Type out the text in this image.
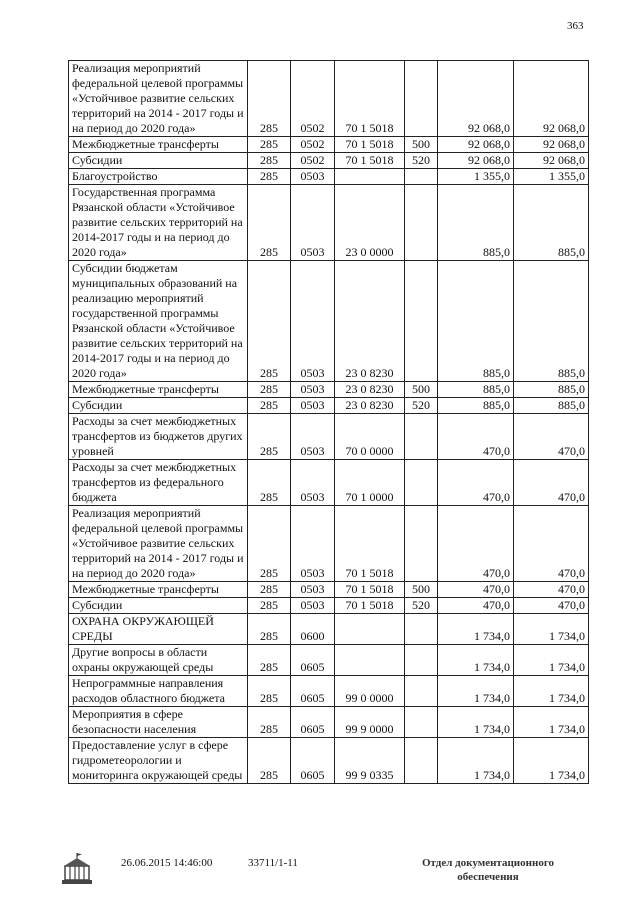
363
Реализация мероприятий федеральной целевой программы «Устойчивое развитие сельских территорий на 2014 - 2017 годы и на период до 2020 года»	285	0502	70 1 5018		92 068,0	92 068,0
Межбюджетные трансферты	285	0502	70 1 5018	500	92 068,0	92 068,0
Субсидии	285	0502	70 1 5018	520	92 068,0	92 068,0
Благоустройство	285	0503			1 355,0	1 355,0
Государственная программа Рязанской области «Устойчивое развитие сельских территорий на 2014-2017 годы и на период до 2020 года»	285	0503	23 0 0000		885,0	885,0
Субсидии бюджетам муниципальных образований на реализацию мероприятий государственной программы Рязанской области «Устойчивое развитие сельских территорий на 2014-2017 годы и на период до 2020 года»	285	0503	23 0 8230		885,0	885,0
Межбюджетные трансферты	285	0503	23 0 8230	500	885,0	885,0
Субсидии	285	0503	23 0 8230	520	885,0	885,0
Расходы за счет межбюджетных трансфертов из бюджетов других уровней	285	0503	70 0 0000		470,0	470,0
Расходы за счет межбюджетных трансфертов из федерального бюджета	285	0503	70 1 0000		470,0	470,0
Реализация мероприятий федеральной целевой программы «Устойчивое развитие сельских территорий на 2014 - 2017 годы и на период до 2020 года»	285	0503	70 1 5018		470,0	470,0
Межбюджетные трансферты	285	0503	70 1 5018	500	470,0	470,0
Субсидии	285	0503	70 1 5018	520	470,0	470,0
ОХРАНА ОКРУЖАЮЩЕЙ СРЕДЫ	285	0600			1 734,0	1 734,0
Другие вопросы в области охраны окружающей среды	285	0605			1 734,0	1 734,0
Непрограммные направления расходов областного бюджета	285	0605	99 0 0000		1 734,0	1 734,0
Мероприятия в сфере безопасности населения	285	0605	99 9 0000		1 734,0	1 734,0
Предоставление услуг в сфере гидрометеорологии и мониторинга окружающей среды	285	0605	99 9 0335		1 734,0	1 734,0
26.06.2015 14:46:00	33711/1-11	Отдел документационного
обеспечения
